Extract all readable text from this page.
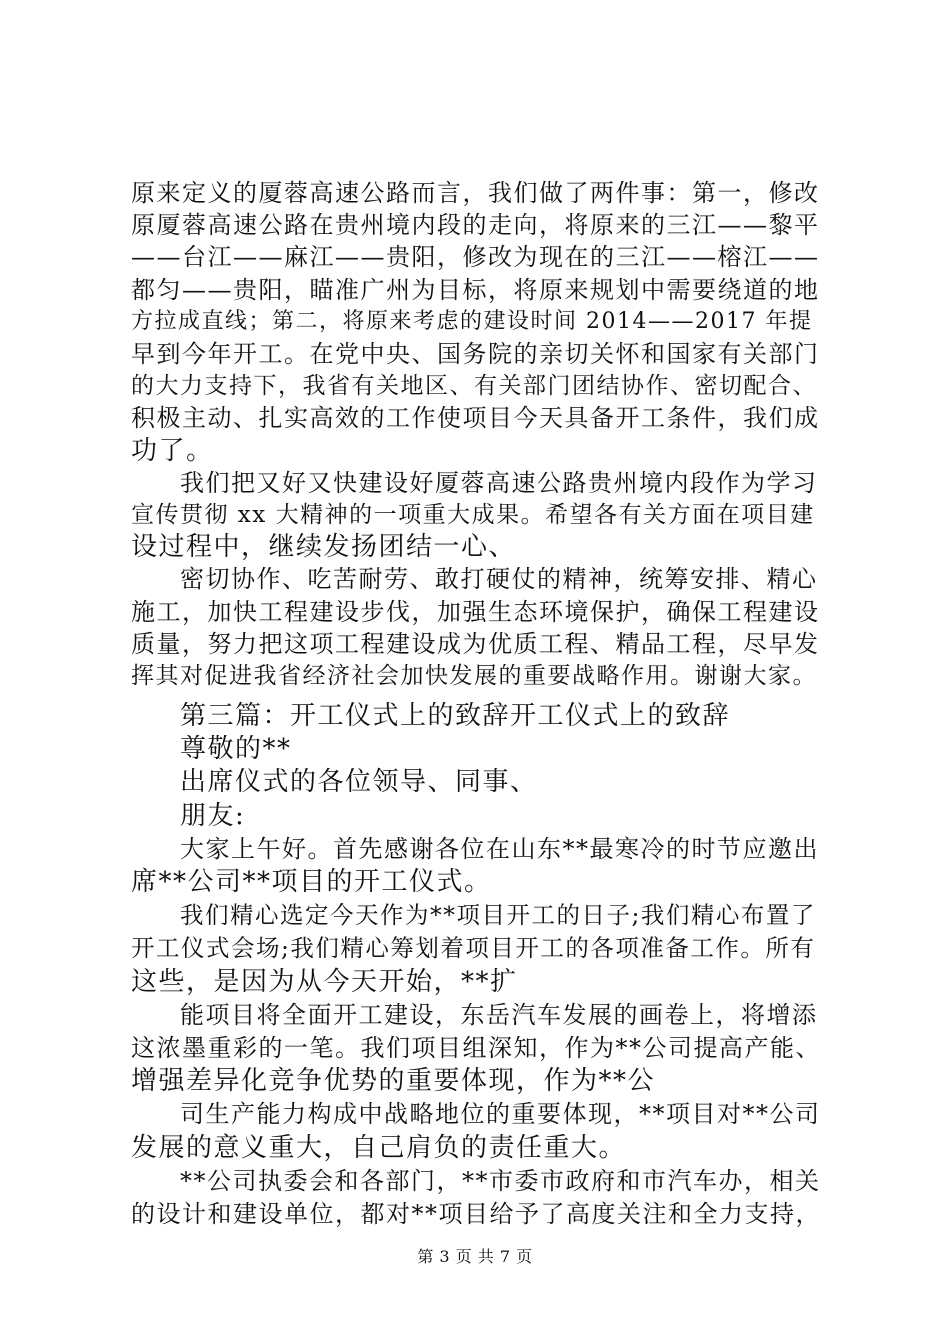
原来定义的厦蓉高速公路而言，我们做了两件事：第一，修改
原厦蓉高速公路在贵州境内段的走向，将原来的三江——黎平
——台江——麻江——贵阳，修改为现在的三江——榕江——
都匀——贵阳，瞄准广州为目标，将原来规划中需要绕道的地
方拉成直线；第二，将原来考虑的建设时间 2014——2017 年提
早到今年开工。在党中央、国务院的亲切关怀和国家有关部门
的大力支持下，我省有关地区、有关部门团结协作、密切配合、
积极主动、扎实高效的工作使项目今天具备开工条件，我们成
功了。
我们把又好又快建设好厦蓉高速公路贵州境内段作为学习
宣传贯彻 xx 大精神的一项重大成果。希望各有关方面在项目建
设过程中，继续发扬团结一心、
密切协作、吃苦耐劳、敢打硬仗的精神，统筹安排、精心
施工，加快工程建设步伐，加强生态环境保护，确保工程建设
质量，努力把这项工程建设成为优质工程、精品工程，尽早发
挥其对促进我省经济社会加快发展的重要战略作用。谢谢大家。
第三篇：开工仪式上的致辞开工仪式上的致辞
尊敬的**
出席仪式的各位领导、同事、
朋友:
大家上午好。首先感谢各位在山东**最寒冷的时节应邀出
席**公司**项目的开工仪式。
我们精心选定今天作为**项目开工的日子;我们精心布置了
开工仪式会场;我们精心筹划着项目开工的各项准备工作。所有
这些，是因为从今天开始，**扩
能项目将全面开工建设，东岳汽车发展的画卷上，将增添
这浓墨重彩的一笔。我们项目组深知，作为**公司提高产能、
增强差异化竞争优势的重要体现，作为**公
司生产能力构成中战略地位的重要体现，**项目对**公司
发展的意义重大，自己肩负的责任重大。
**公司执委会和各部门，**市委市政府和市汽车办，相关
的设计和建设单位，都对**项目给予了高度关注和全力支持，
第 3 页 共 7 页
